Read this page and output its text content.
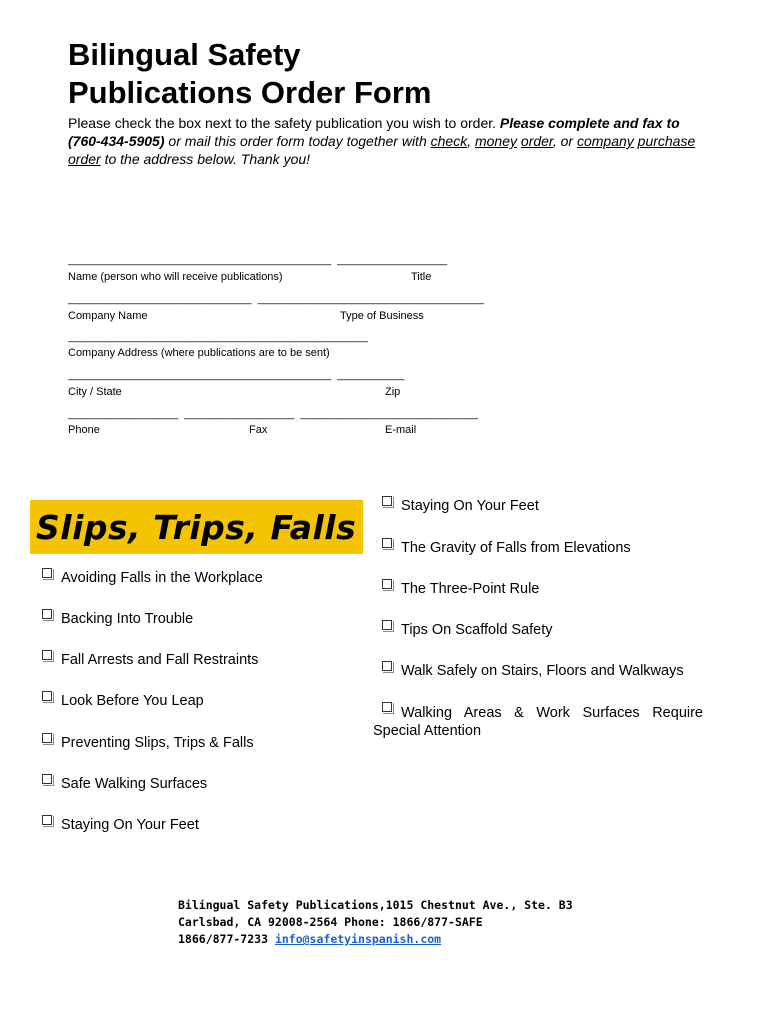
Bilingual Safety
Publications Order Form
Please check the box next to the safety publication you wish to order. Please complete and fax to (760-434-5905) or mail this order form today together with check, money order, or company purchase order to the address below. Thank you!
___________________________________________  __________________
Name (person who will receive publications)	Title
______________________________  _____________________________________
Company Name	Type of Business
_________________________________________________
Company Address (where publications are to be sent)
___________________________________________  ___________
City / State	Zip
__________________  __________________  _____________________________
Phone	Fax	E-mail
Slips, Trips, Falls
Avoiding Falls in the Workplace
Backing Into Trouble
Fall Arrests and Fall Restraints
Look Before You Leap
Preventing Slips, Trips & Falls
Safe Walking Surfaces
Staying On Your Feet
Staying On Your Feet
The Gravity of Falls from Elevations
The Three-Point Rule
Tips On Scaffold Safety
Walk Safely on Stairs, Floors and Walkways
Walking Areas & Work Surfaces Require Special Attention
Bilingual Safety Publications,1015 Chestnut Ave., Ste. B3
Carlsbad, CA 92008-2564 Phone: 1866/877-SAFE
1866/877-7233 info@safetyinspanish.com
